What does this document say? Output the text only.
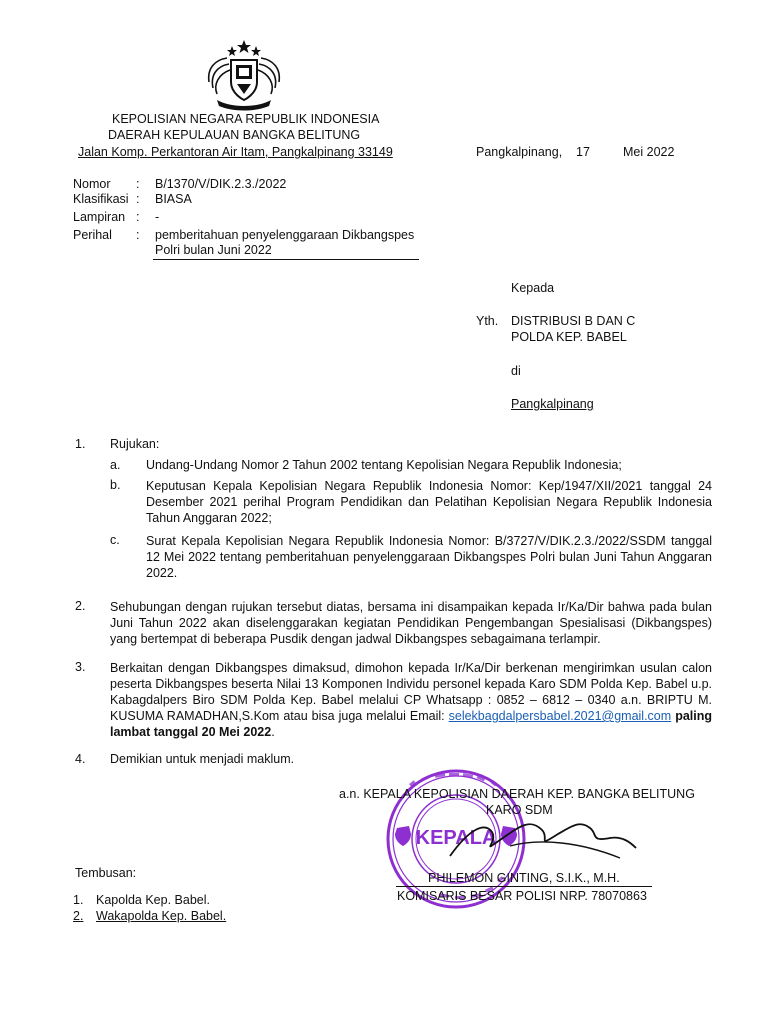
KEPOLISIAN NEGARA REPUBLIK INDONESIA
DAERAH KEPULAUAN BANGKA BELITUNG
Jalan Komp. Perkantoran Air Itam, Pangkalpinang 33149	Pangkalpinang, 17	Mei 2022
Nomor : B/1370/V/DIK.2.3./2022
Klasifikasi : BIASA
Lampiran : -
Perihal : pemberitahuan penyelenggaraan Dikbangspes
Polri bulan Juni 2022
Kepada
Yth. DISTRIBUSI B DAN C
POLDA KEP. BABEL
di
Pangkalpinang
1. Rujukan:
a. Undang-Undang Nomor 2 Tahun 2002 tentang Kepolisian Negara Republik Indonesia;
b. Keputusan Kepala Kepolisian Negara Republik Indonesia Nomor: Kep/1947/XII/2021 tanggal 24 Desember 2021 perihal Program Pendidikan dan Pelatihan Kepolisian Negara Republik Indonesia Tahun Anggaran 2022;
c. Surat Kepala Kepolisian Negara Republik Indonesia Nomor: B/3727/V/DIK.2.3./2022/SSDM tanggal 12 Mei 2022 tentang pemberitahuan penyelenggaraan Dikbangspes Polri bulan Juni Tahun Anggaran 2022.
2. Sehubungan dengan rujukan tersebut diatas, bersama ini disampaikan kepada Ir/Ka/Dir bahwa pada bulan Juni Tahun 2022 akan diselenggarakan kegiatan Pendidikan Pengembangan Spesialisasi (Dikbangspes) yang bertempat di beberapa Pusdik dengan jadwal Dikbangspes sebagaimana terlampir.
3. Berkaitan dengan Dikbangspes dimaksud, dimohon kepada Ir/Ka/Dir berkenan mengirimkan usulan calon peserta Dikbangspes beserta Nilai 13 Komponen Individu personel kepada Karo SDM Polda Kep. Babel u.p. Kabagdalpers Biro SDM Polda Kep. Babel melalui CP Whatsapp : 0852 – 6812 – 0340 a.n. BRIPTU M. KUSUMA RAMADHAN,S.Kom atau bisa juga melalui Email: selekbagdalpersbabel.2021@gmail.com paling lambat tanggal 20 Mei 2022.
4. Demikian untuk menjadi maklum.
KEPALA
a.n. KEPALA KEPOLISIAN DAERAH KEP. BANGKA BELITUNG
KARO SDM
PHILEMON GINTING, S.I.K., M.H.
KOMISARIS BESAR POLISI NRP. 78070863
Tembusan:
1. Kapolda Kep. Babel.
2. Wakapolda Kep. Babel.
